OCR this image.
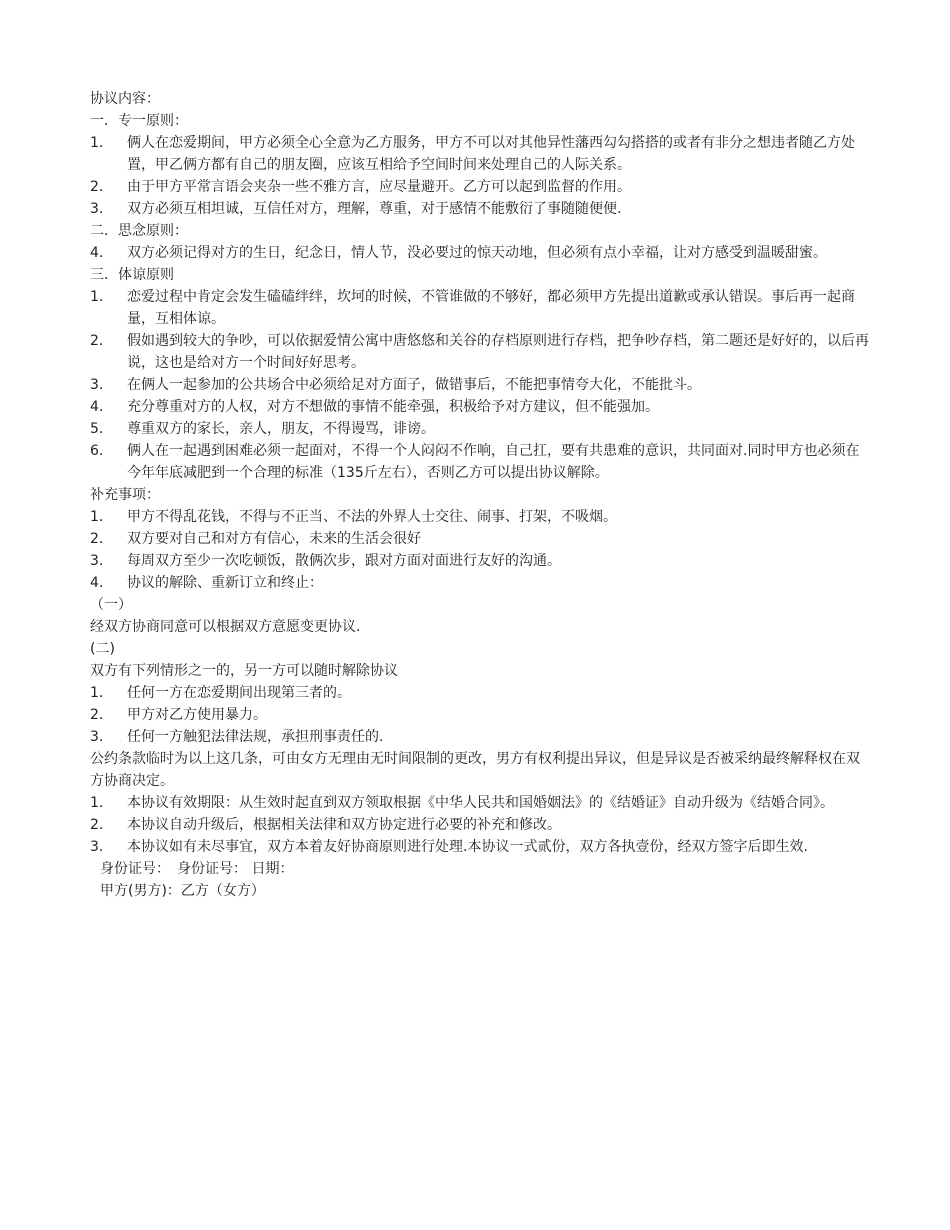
协议内容：
一．专一原则：
1．	俩人在恋爱期间，甲方必须全心全意为乙方服务，甲方不可以对其他异性藩西勾勾搭搭的或者有非分之想违者随乙方处置，甲乙俩方都有自己的朋友圈，应该互相给予空间时间来处理自己的人际关系。
2．	由于甲方平常言语会夹杂一些不雅方言，应尽量避开。乙方可以起到监督的作用。
3．	双方必须互相坦诚，互信任对方，理解，尊重，对于感情不能敷衍了事随随便便.
二．思念原则：
4．	双方必须记得对方的生日，纪念日，情人节，没必要过的惊天动地，但必须有点小幸福，让对方感受到温暖甜蜜。
三．体谅原则
1．	恋爱过程中肯定会发生磕磕绊绊，坎坷的时候，不管谁做的不够好，都必须甲方先提出道歉或承认错误。事后再一起商量，互相体谅。
2．	假如遇到较大的争吵，可以依据爱情公寓中唐悠悠和关谷的存档原则进行存档，把争吵存档，第二题还是好好的，以后再说，这也是给对方一个时间好好思考。
3．	在俩人一起参加的公共场合中必须给足对方面子，做错事后，不能把事情夸大化，不能批斗。
4．	充分尊重对方的人权，对方不想做的事情不能牵强，积极给予对方建议，但不能强加。
5．	尊重双方的家长，亲人，朋友，不得谩骂，诽谤。
6．	俩人在一起遇到困难必须一起面对，不得一个人闷闷不作响，自己扛，要有共患难的意识，共同面对.同时甲方也必须在今年年底减肥到一个合理的标准（135斤左右），否则乙方可以提出协议解除。
补充事项：
1．	甲方不得乱花钱，不得与不正当、不法的外界人士交往、闹事、打架，不吸烟。
2．	双方要对自己和对方有信心，未来的生活会很好
3．	每周双方至少一次吃顿饭，散俩次步，跟对方面对面进行友好的沟通。
4．	协议的解除、重新订立和终止：
（一）
经双方协商同意可以根据双方意愿变更协议.
(二)
双方有下列情形之一的，另一方可以随时解除协议
1．	任何一方在恋爱期间出现第三者的。
2．	甲方对乙方使用暴力。
3．	任何一方触犯法律法规，承担刑事责任的.
公约条款临时为以上这几条，可由女方无理由无时间限制的更改，男方有权利提出异议，但是异议是否被采纳最终解释权在双方协商决定。
1．	本协议有效期限：从生效时起直到双方领取根据《中华人民共和国婚姻法》的《结婚证》自动升级为《结婚合同》。
2．	本协议自动升级后，根据相关法律和双方协定进行必要的补充和修改。
3．	本协议如有未尽事宜，双方本着友好协商原则进行处理.本协议一式贰份，双方各执壹份，经双方签字后即生效.
身份证号：　身份证号： 日期：
甲方(男方)：乙方（女方）
